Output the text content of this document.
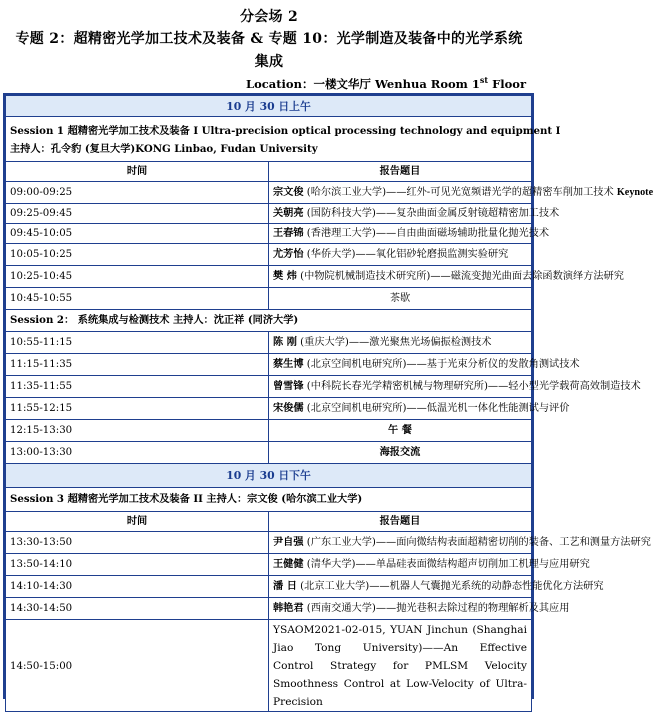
分会场 2
专题 2：超精密光学加工技术及装备 & 专题 10：光学制造及装备中的光学系统
集成
Location：一楼文华厅 Wenhua Room 1st Floor
10 月 30 日上午	

Session 1 超精密光学加工技术及装备 I Ultra-precision optical processing technology and equipment I
主持人：孔令豹 (复旦大学)KONG Linbao, Fudan University	

时间	报告题目
09:00-09:25	宗文俊 (哈尔滨工业大学)——红外-可见光宽频谱光学的超精密车削加工技术 Keynote
09:25-09:45	关朝亮 (国防科技大学)——复杂曲面金属反射镜超精密加工技术
09:45-10:05	王春锦 (香港理工大学)——自由曲面磁场辅助批量化抛光技术
10:05-10:25	尤芳怡 (华侨大学)——氧化铝砂轮磨损监测实验研究
10:25-10:45	樊 炜 (中物院机械制造技术研究所)——磁流变抛光曲面去除函数演绎方法研究
10:45-10:55	茶歇
Session 2： 系统集成与检测技术 主持人：沈正祥 (同济大学)	
10:55-11:15	陈 刚 (重庆大学)——激光聚焦光场偏振检测技术
11:15-11:35	蔡生博 (北京空间机电研究所)——基于光束分析仪的发散角测试技术
11:35-11:55	曾雪锋 (中科院长春光学精密机械与物理研究所)——轻小型光学载荷高效制造技术
11:55-12:15	宋俊儒 (北京空间机电研究所)——低温光机一体化性能测试与评价
12:15-13:30	午 餐
13:00-13:30	海报交流
10 月 30 日下午	
Session 3 超精密光学加工技术及装备 II 主持人：宗文俊 (哈尔滨工业大学)	
时间	报告题目
13:30-13:50	尹自强 (广东工业大学)——面向微结构表面超精密切削的装备、工艺和测量方法研究
13:50-14:10	王健健 (清华大学)——单晶硅表面微结构超声切削加工机理与应用研究
14:10-14:30	潘 日 (北京工业大学)——机器人气囊抛光系统的动静态性能优化方法研究
14:30-14:50	韩艳君 (西南交通大学)——抛光巷积去除过程的物理解析及其应用
14:50-15:00	YSAOM2021-02-015, YUAN Jinchun (Shanghai Jiao Tong University)——An Effective
Control Strategy for PMLSM Velocity Smoothness Control at Low-Velocity of Ultra-Precision
